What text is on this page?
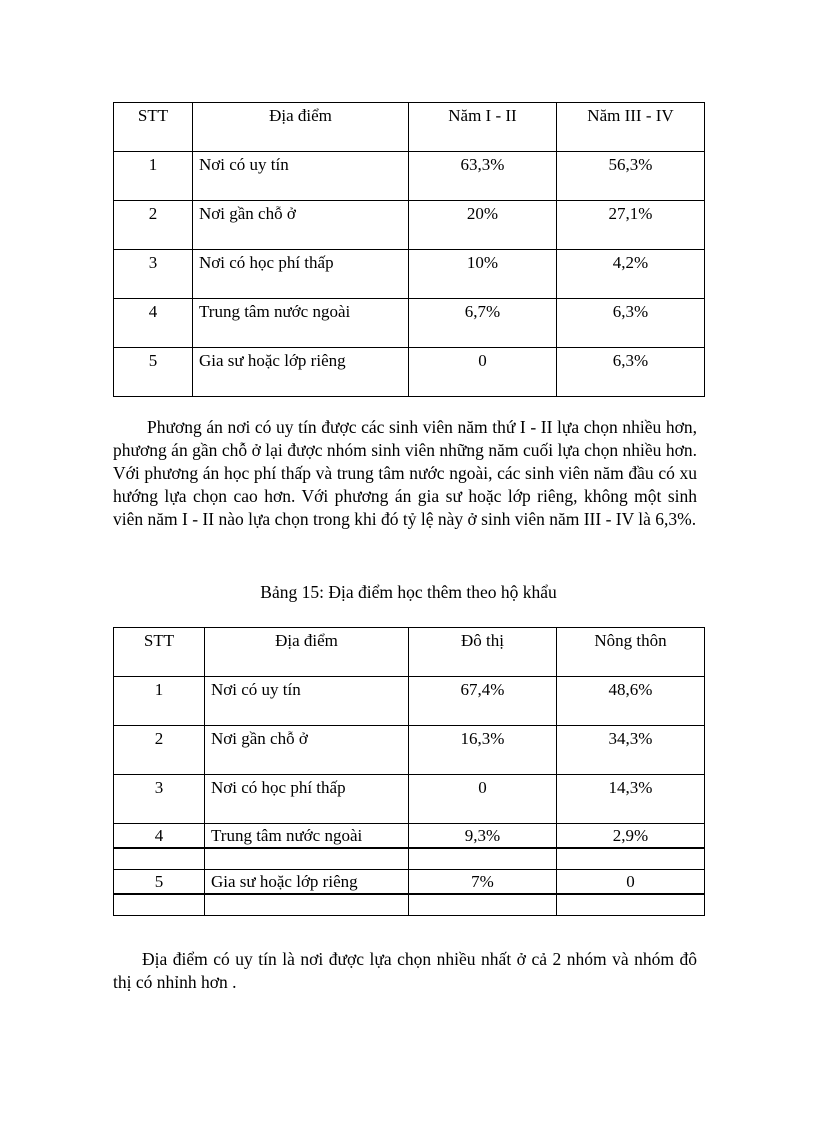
STT	Địa điểm	Năm I - II	Năm III - IV
1	Nơi có uy tín	63,3%	56,3%
2	Nơi gần chỗ ở	20%	27,1%
3	Nơi có học phí thấp	10%	4,2%
4	Trung tâm nước ngoài	6,7%	6,3%
5	Gia sư hoặc lớp riêng	0	6,3%

Phương án nơi có uy tín được các sinh viên năm thứ I - II lựa chọn nhiều hơn, phương án gần chỗ ở lại được nhóm sinh viên những năm cuối lựa chọn nhiều hơn. Với phương án học phí thấp và trung tâm nước ngoài, các sinh viên năm đầu có xu hướng lựa chọn cao hơn. Với phương án gia sư hoặc lớp riêng, không một sinh viên năm I - II nào lựa chọn trong khi đó tỷ lệ này ở sinh viên năm III - IV là 6,3%.

Bảng 15: Địa điểm học thêm theo hộ khẩu
STT	Địa điểm	Đô thị	Nông thôn
1	Nơi có uy tín	67,4%	48,6%
2	Nơi gần chỗ ở	16,3%	34,3%
3	Nơi có học phí thấp	0	14,3%
4	Trung tâm nước ngoài	9,3%	2,9%

5	Gia sư hoặc lớp riêng	7%	0

Địa điểm có uy tín là nơi được lựa chọn nhiều nhất ở cả 2 nhóm và nhóm đô thị có nhỉnh hơn .
